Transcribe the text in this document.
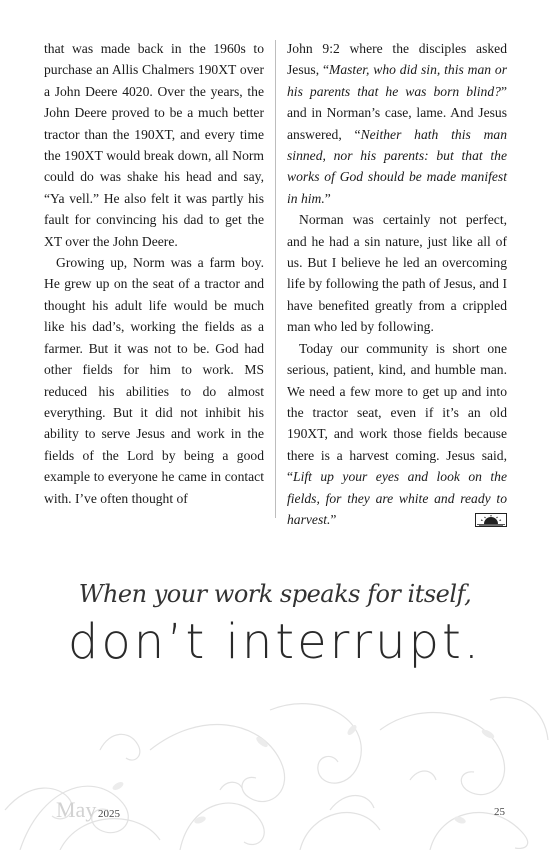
that was made back in the 1960s to purchase an Allis Chalmers 190XT over a John Deere 4020. Over the years, the John Deere proved to be a much better tractor than the 190XT, and every time the 190XT would break down, all Norm could do was shake his head and say, “Ya vell.” He also felt it was partly his fault for convincing his dad to get the XT over the John Deere.

Growing up, Norm was a farm boy. He grew up on the seat of a tractor and thought his adult life would be much like his dad’s, working the fields as a farmer. But it was not to be. God had other fields for him to work. MS reduced his abilities to do almost everything. But it did not inhibit his ability to serve Jesus and work in the fields of the Lord by being a good example to everyone he came in contact with. I’ve often thought of

John 9:2 where the disciples asked Jesus, “Master, who did sin, this man or his parents that he was born blind?” and in Norman’s case, lame. And Jesus answered, “Neither hath this man sinned, nor his parents: but that the works of God should be made manifest in him.”

Norman was certainly not perfect, and he had a sin nature, just like all of us. But I believe he led an overcoming life by following the path of Jesus, and I have benefited greatly from a crippled man who led by following.

Today our community is short one serious, patient, kind, and humble man. We need a few more to get up and into the tractor seat, even if it’s an old 190XT, and work those fields because there is a harvest coming. Jesus said, “Lift up your eyes and look on the fields, for they are white and ready to harvest.”

When your work speaks for itself,
don’t interrupt.
May 2025	25
